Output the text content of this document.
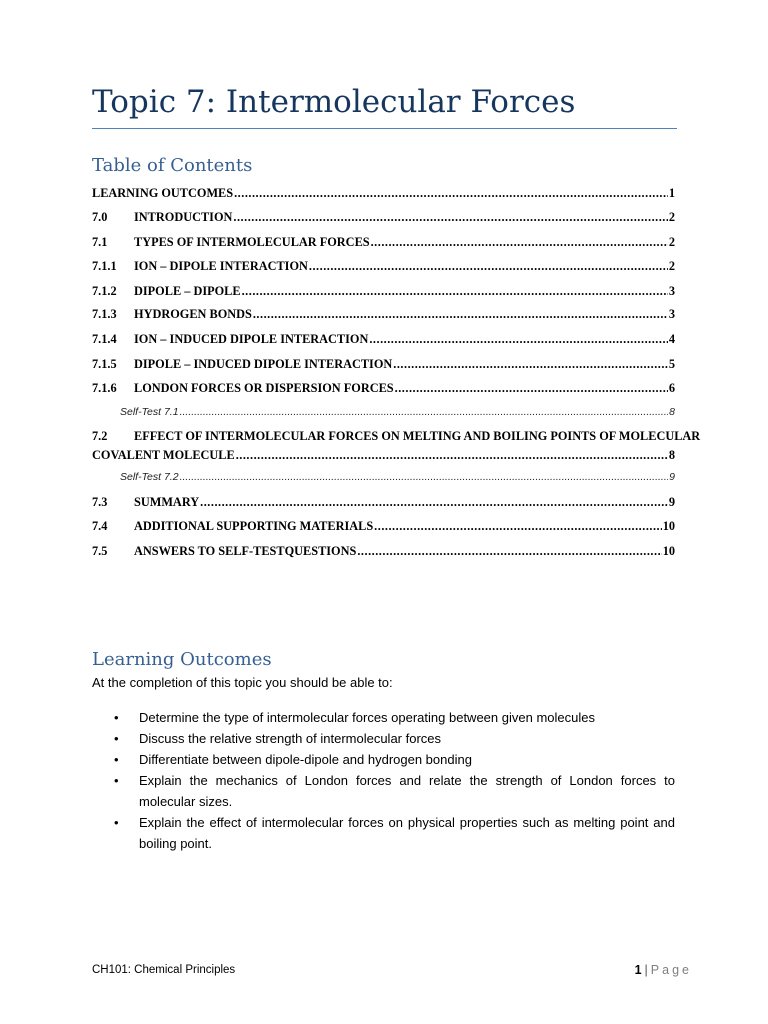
Topic 7: Intermolecular Forces
Table of Contents
LEARNING OUTCOMES .....	1
7.0	INTRODUCTION .....	2
7.1	TYPES OF INTERMOLECULAR FORCES .....	2
7.1.1	ION – DIPOLE INTERACTION .....	2
7.1.2	DIPOLE – DIPOLE .....	3
7.1.3	HYDROGEN BONDS .....	3
7.1.4	ION – INDUCED DIPOLE INTERACTION .....	4
7.1.5	DIPOLE – INDUCED DIPOLE INTERACTION .....	5
7.1.6	LONDON FORCES OR DISPERSION FORCES .....	6
Self-Test 7.1 .....	8
7.2 EFFECT OF INTERMOLECULAR FORCES ON MELTING AND BOILING POINTS OF MOLECULAR
COVALENT MOLECULE .....	8
Self-Test 7.2 .....	9
7.3	SUMMARY .....	9
7.4	ADDITIONAL SUPPORTING MATERIALS .....	10
7.5	ANSWERS TO SELF-TESTQUESTIONS .....	10
Learning Outcomes

At the completion of this topic you should be able to:

• Determine the type of intermolecular forces operating between given molecules
• Discuss the relative strength of intermolecular forces
• Differentiate between dipole-dipole and hydrogen bonding
• Explain the mechanics of London forces and relate the strength of London forces to molecular sizes.
• Explain the effect of intermolecular forces on physical properties such as melting point and boiling point.
CH101: Chemical Principles	1 | Page
